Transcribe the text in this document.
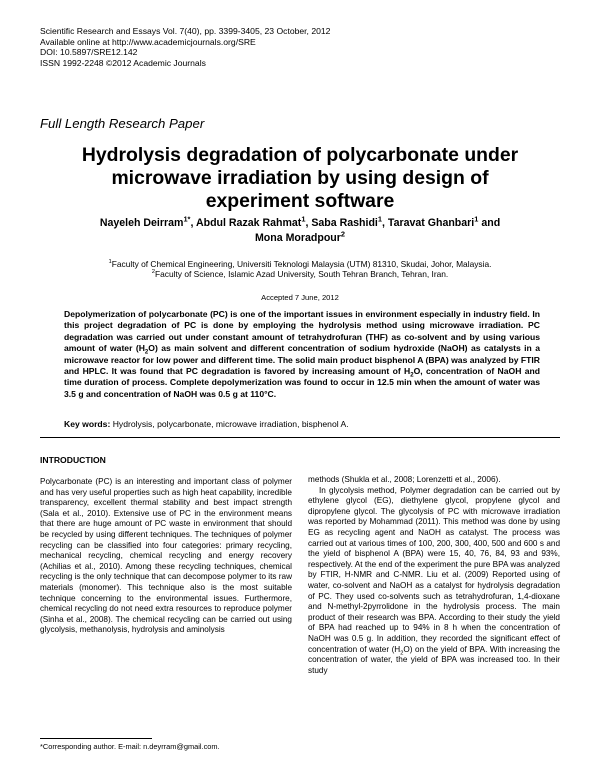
Scientific Research and Essays Vol. 7(40), pp. 3399-3405, 23 October, 2012
Available online at http://www.academicjournals.org/SRE
DOI: 10.5897/SRE12.142
ISSN 1992-2248 ©2012 Academic Journals
Full Length Research Paper
Hydrolysis degradation of polycarbonate under microwave irradiation by using design of experiment software
Nayeleh Deirram$^{1*}$, Abdul Razak Rahmat$^1$, Saba Rashidi$^1$, Taravat Ghanbari$^1$ and
Mona Moradpour$^2$
$^1$Faculty of Chemical Engineering, Universiti Teknologi Malaysia (UTM) 81310, Skudai, Johor, Malaysia.
$^2$Faculty of Science, Islamic Azad University, South Tehran Branch, Tehran, Iran.
Accepted 7 June, 2012
Depolymerization of polycarbonate (PC) is one of the important issues in environment especially in industry field. In this project degradation of PC is done by employing the hydrolysis method using microwave irradiation. PC degradation was carried out under constant amount of tetrahydrofuran (THF) as co-solvent and by using various amount of water $(H_2O)$ as main solvent and different concentration of sodium hydroxide (NaOH) as catalysts in a microwave reactor for low power and different time. The solid main product bisphenol A (BPA) was analyzed by FTIR and HPLC. It was found that PC degradation is favored by increasing amount of $H_2O$, concentration of NaOH and time duration of process. Complete depolymerization was found to occur in 12.5 min when the amount of water was 3.5 g and concentration of NaOH was 0.5 g at 110°C.
Key words: Hydrolysis, polycarbonate, microwave irradiation, bisphenol A.
INTRODUCTION

Polycarbonate (PC) is an interesting and important class of polymer and has very useful properties such as high heat capability, incredible transparency, excellent thermal stability and best impact strength (Sala et al., 2010). Extensive use of PC in the environment means that there are huge amount of PC waste in environment that should be recycled by using different techniques. The techniques of polymer recycling can be classified into four categories: primary recycling, mechanical recycling, chemical recycling and energy recovery (Achilias et al., 2010). Among these recycling techniques, chemical recycling is the only technique that can decompose polymer to its raw materials (monomer). This technique also is the most suitable technique concerning to the environmental issues. Furthermore, chemical recycling do not need extra resources to reproduce polymer (Sinha et al., 2008). The chemical recycling can be carried out using glycolysis, methanolysis, hydrolysis and aminolysis

methods (Shukla et al., 2008; Lorenzetti et al., 2006).

In glycolysis method, Polymer degradation can be carried out by ethylene glycol (EG), diethylene glycol, propylene glycol and dipropylene glycol. The glycolysis of PC with microwave irradiation was reported by Mohammad (2011). This method was done by using EG as recycling agent and NaOH as catalyst. The process was carried out at various times of 100, 200, 300, 400, 500 and 600 s and the yield of bisphenol A (BPA) were 15, 40, 76, 84, 93 and 93%, respectively. At the end of the experiment the pure BPA was analyzed by FTIR, H-NMR and C-NMR. Liu et al. (2009) Reported using of water, co-solvent and NaOH as a catalyst for hydrolysis degradation of PC. They used co-solvents such as tetrahydrofuran, 1,4-dioxane and N-methyl-2pyrrolidone in the hydrolysis process. The main product of their research was BPA. According to their study the yield of BPA had reached up to 94% in 8 h when the concentration of NaOH was 0.5 g. In addition, they recorded the significant effect of concentration of water $(H_2O)$ on the yield of BPA. With increasing the concentration of water, the yield of BPA was increased too. In their study

*Corresponding author. E-mail: n.deyrram@gmail.com.
